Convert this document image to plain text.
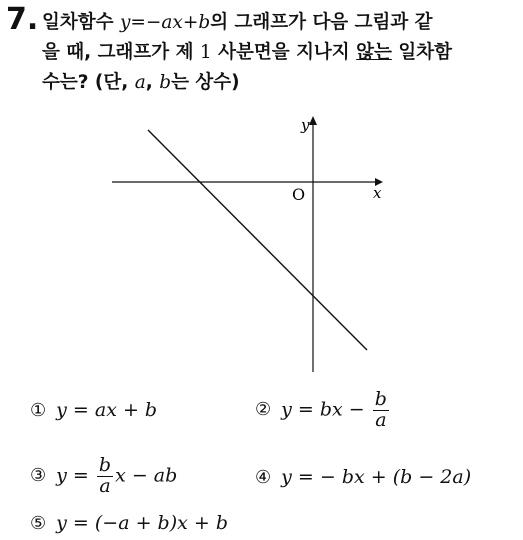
7. 일차함수 y=−ax+b의 그래프가 다음 그림과 같
을 때, 그래프가 제 1 사분면을 지나지 않는 일차함
수는? (단, a, b는 상수)
y
x
O
① y = ax + b	② y = bx − $\frac{b}{a}$
③ $y = \frac{b}{a}$ x − ab	④ y = − bx + (b − 2a)
⑤ y = (−a + b)x + b
